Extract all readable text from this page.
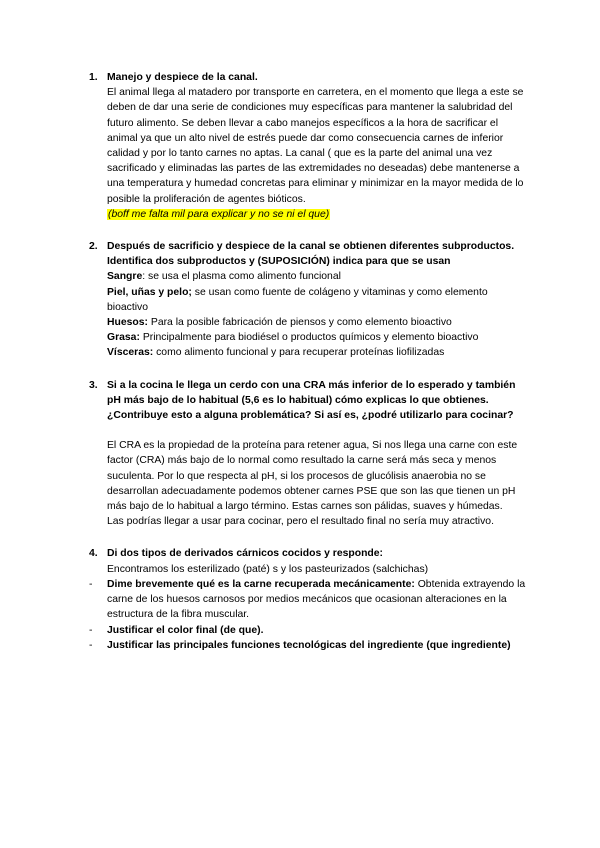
1. Manejo y despiece de la canal.
El animal llega al matadero por transporte en carretera, en el momento que llega a este se deben de dar una serie de condiciones muy específicas para mantener la salubridad del futuro alimento. Se deben llevar a cabo manejos específicos a la hora de sacrificar el animal ya que un alto nivel de estrés puede dar como consecuencia carnes de inferior calidad y por lo tanto carnes no aptas. La canal ( que es la parte del animal una vez sacrificado y eliminadas las partes de las extremidades no deseadas) debe mantenerse a una temperatura y humedad concretas para eliminar y minimizar en la mayor medida de lo posible la proliferación de agentes bióticos.
(boff me falta mil para explicar y no se ni el que)
2. Después de sacrificio y despiece de la canal se obtienen diferentes subproductos. Identifica dos subproductos y (SUPOSICIÓN) indica para que se usan
Sangre: se usa el plasma como alimento funcional
Piel, uñas y pelo; se usan como fuente de colágeno y vitaminas y como elemento bioactivo
Huesos: Para la posible fabricación de piensos y como elemento bioactivo
Grasa: Principalmente para biodiésel o productos químicos y elemento bioactivo
Vísceras: como alimento funcional y para recuperar proteínas liofilizadas
3. Si a la cocina le llega un cerdo con una CRA más inferior de lo esperado y también pH más bajo de lo habitual (5,6 es lo habitual) cómo explicas lo que obtienes. ¿Contribuye esto a alguna problemática? Si así es, ¿podré utilizarlo para cocinar?
El CRA es la propiedad de la proteína para retener agua, Si nos llega una carne con este factor (CRA) más bajo de lo normal como resultado la carne será más seca y menos suculenta. Por lo que respecta al pH, si los procesos de glucólisis anaerobia no se desarrollan adecuadamente podemos obtener carnes PSE que son las que tienen un pH más bajo de lo habitual a largo término. Estas carnes son pálidas, suaves y húmedas.
Las podrías llegar a usar para cocinar, pero el resultado final no sería muy atractivo.
4. Di dos tipos de derivados cárnicos cocidos y responde:
Encontramos los esterilizado (paté) s y los pasteurizados (salchichas)
- Dime brevemente qué es la carne recuperada mecánicamente: Obtenida extrayendo la carne de los huesos carnosos por medios mecánicos que ocasionan alteraciones en la estructura de la fibra muscular.
- Justificar el color final (de que).
- Justificar las principales funciones tecnológicas del ingrediente (que ingrediente)
